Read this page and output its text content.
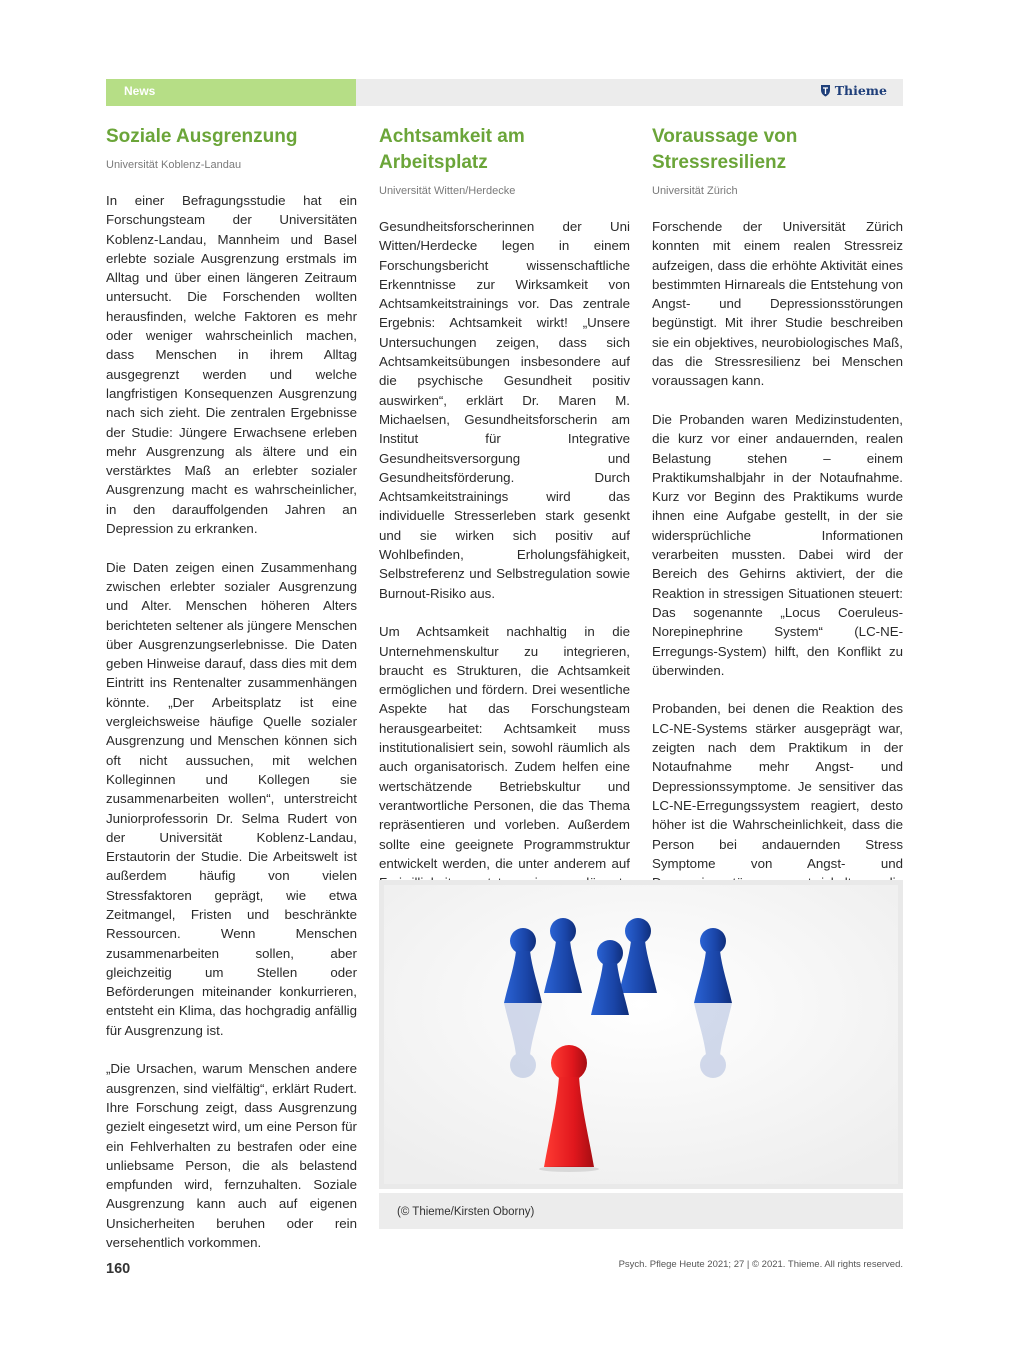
News	Thieme
Soziale Ausgrenzung
Universität Koblenz-Landau

In einer Befragungsstudie hat ein Forschungsteam der Universitäten Koblenz-Landau, Mannheim und Basel erlebte soziale Ausgrenzung erstmals im Alltag und über einen längeren Zeitraum untersucht. Die Forschenden wollten herausfinden, welche Faktoren es mehr oder weniger wahrscheinlich machen, dass Menschen in ihrem Alltag ausgegrenzt werden und welche langfristigen Konsequenzen Ausgrenzung nach sich zieht. Die zentralen Ergebnisse der Studie: Jüngere Erwachsene erleben mehr Ausgrenzung als ältere und ein verstärktes Maß an erlebter sozialer Ausgrenzung macht es wahrscheinlicher, in den darauffolgenden Jahren an Depression zu erkranken.

Die Daten zeigen einen Zusammenhang zwischen erlebter sozialer Ausgrenzung und Alter. Menschen höheren Alters berichteten seltener als jüngere Menschen über Ausgrenzungserlebnisse. Die Daten geben Hinweise darauf, dass dies mit dem Eintritt ins Rentenalter zusammenhängen könnte. „Der Arbeitsplatz ist eine vergleichsweise häufige Quelle sozialer Ausgrenzung und Menschen können sich oft nicht aussuchen, mit welchen Kolleginnen und Kollegen sie zusammenarbeiten wollen“, unterstreicht Juniorprofessorin Dr. Selma Rudert von der Universität Koblenz-Landau, Erstautorin der Studie. Die Arbeitswelt ist außerdem häufig von vielen Stressfaktoren geprägt, wie etwa Zeitmangel, Fristen und beschränkte Ressourcen. Wenn Menschen zusammenarbeiten sollen, aber gleichzeitig um Stellen oder Beförderungen miteinander konkurrieren, entsteht ein Klima, das hochgradig anfällig für Ausgrenzung ist.

„Die Ursachen, warum Menschen andere ausgrenzen, sind vielfältig“, erklärt Rudert. Ihre Forschung zeigt, dass Ausgrenzung gezielt eingesetzt wird, um eine Person für ein Fehlverhalten zu bestrafen oder eine unliebsame Person, die als belastend empfunden wird, fernzuhalten. Soziale Ausgrenzung kann auch auf eigenen Unsicherheiten beruhen oder rein versehentlich vorkommen.

Achtsamkeit am Arbeitsplatz
Universität Witten/Herdecke

Gesundheitsforscherinnen der Uni Witten/Herdecke legen in einem Forschungsbericht wissenschaftliche Erkenntnisse zur Wirksamkeit von Achtsamkeitstrainings vor. Das zentrale Ergebnis: Achtsamkeit wirkt! „Unsere Untersuchungen zeigen, dass sich Achtsamkeitsübungen insbesondere auf die psychische Gesundheit positiv auswirken“, erklärt Dr. Maren M. Michaelsen, Gesundheitsforscherin am Institut für Integrative Gesundheitsversorgung und Gesundheitsförderung. Durch Achtsamkeitstrainings wird das individuelle Stresserleben stark gesenkt und sie wirken sich positiv auf Wohlbefinden, Erholungsfähigkeit, Selbstreferenz und Selbstregulation sowie Burnout-Risiko aus.

Um Achtsamkeit nachhaltig in die Unternehmenskultur zu integrieren, braucht es Strukturen, die Achtsamkeit ermöglichen und fördern. Drei wesentliche Aspekte hat das Forschungsteam herausgearbeitet: Achtsamkeit muss institutionalisiert sein, sowohl räumlich als auch organisatorisch. Zudem helfen eine wertschätzende Betriebskultur und verantwortliche Personen, die das Thema repräsentieren und vorleben. Außerdem sollte eine geeignete Programmstruktur entwickelt werden, die unter anderem auf

Voraussage von Stressresilienz
Universität Zürich

Forschende der Universität Zürich konnten mit einem realen Stressreiz aufzeigen, dass die erhöhte Aktivität eines bestimmten Hirnareals die Entstehung von Angst- und Depressionsstörungen begünstigt. Mit ihrer Studie beschreiben sie ein objektives, neurobiologisches Maß, das die Stressresilienz bei Menschen voraussagen kann.

Die Probanden waren Medizinstudenten, die kurz vor einer andauernden, realen Belastung stehen – einem Praktikumshalbjahr in der Notaufnahme. Kurz vor Beginn des Praktikums wurde ihnen eine Aufgabe gestellt, in der sie widersprüchliche Informationen verarbeiten mussten. Dabei wird der Bereich des Gehirns aktiviert, der die Reaktion in stressigen Situationen steuert: Das sogenannte „Locus Coeruleus-Norepinephrine System“ (LC-NE-Erregungs-System) hilft, den Konflikt zu überwinden.

Probanden, bei denen die Reaktion des LC-NE-Systems stärker ausgeprägt war, zeigten nach dem Praktikum in der Notaufnahme mehr Angst- und Depressionssymptome. Je sensitiver das LC-NE-Erregungssystem reagiert, desto höher ist die Wahrscheinlichkeit, dass die Person bei andauernden Stress Symptome von Angst- und

(© Thieme/Kirsten Oborny)
160	Psych. Pflege Heute 2021; 27 | © 2021. Thieme. All rights reserved.
